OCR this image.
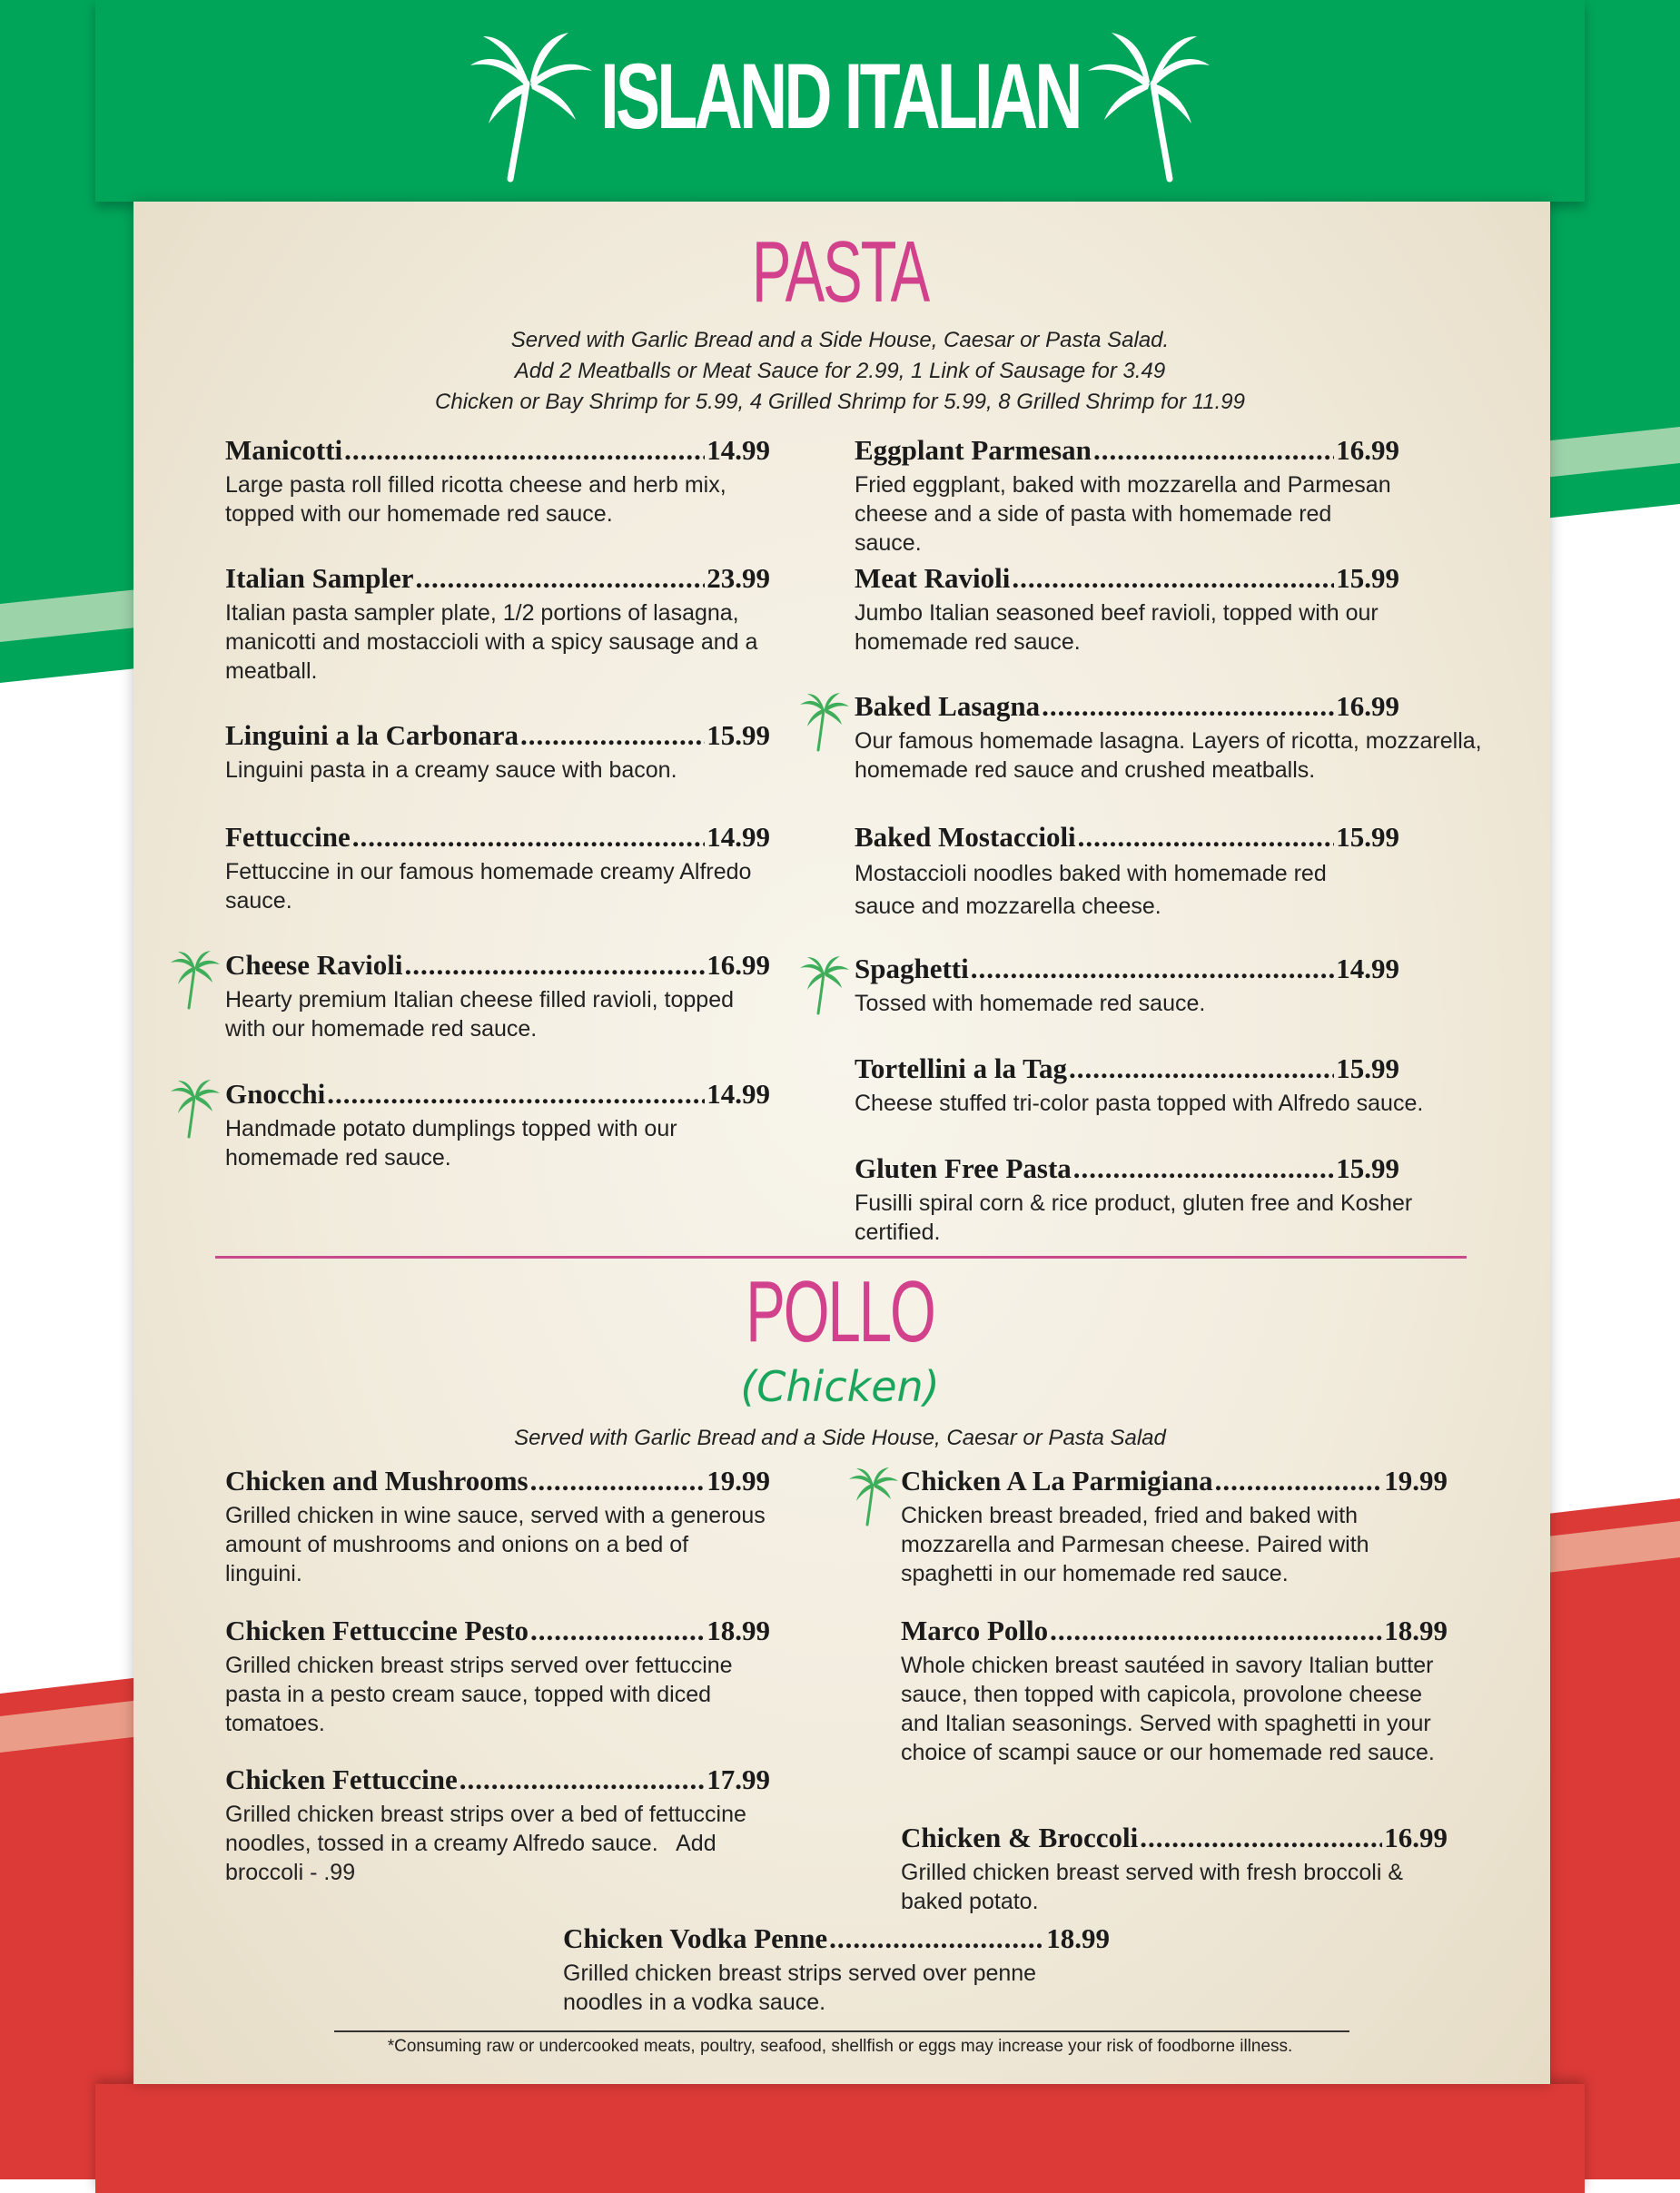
ISLAND ITALIAN
PASTA
Served with Garlic Bread and a Side House, Caesar or Pasta Salad.
Add 2 Meatballs or Meat Sauce for 2.99, 1 Link of Sausage for 3.49
Chicken or Bay Shrimp for 5.99, 4 Grilled Shrimp for 5.99, 8 Grilled Shrimp for 11.99
Manicotti .....	14.99
Large pasta roll filled ricotta cheese and herb mix, topped with our homemade red sauce.
Italian Sampler .....	23.99
Italian pasta sampler plate, 1/2 portions of lasagna, manicotti and mostaccioli with a spicy sausage and a meatball.
Linguini a la Carbonara .....	15.99
Linguini pasta in a creamy sauce with bacon.
Fettuccine .....	14.99
Fettuccine in our famous homemade creamy Alfredo sauce.
Cheese Ravioli .....	16.99
Hearty premium Italian cheese filled ravioli, topped with our homemade red sauce.
Gnocchi .....	14.99
Handmade potato dumplings topped with our homemade red sauce.
Eggplant Parmesan .....	16.99
Fried eggplant, baked with mozzarella and Parmesan cheese and a side of pasta with homemade red sauce.
Meat Ravioli .....	15.99
Jumbo Italian seasoned beef ravioli, topped with our homemade red sauce.
Baked Lasagna .....	16.99
Our famous homemade lasagna. Layers of ricotta, mozzarella, homemade red sauce and crushed meatballs.
Baked Mostaccioli .....	15.99
Mostaccioli noodles baked with homemade red sauce and mozzarella cheese.
Spaghetti .....	14.99
Tossed with homemade red sauce.
Tortellini a la Tag .....	15.99
Cheese stuffed tri-color pasta topped with Alfredo sauce.
Gluten Free Pasta .....	15.99
Fusilli spiral corn & rice product, gluten free and Kosher certified.
POLLO
(Chicken)
Served with Garlic Bread and a Side House, Caesar or Pasta Salad
Chicken and Mushrooms .....	19.99
Grilled chicken in wine sauce, served with a generous amount of mushrooms and onions on a bed of linguini.
Chicken Fettuccine Pesto .....	18.99
Grilled chicken breast strips served over fettuccine pasta in a pesto cream sauce, topped with diced tomatoes.
Chicken Fettuccine .....	17.99
Grilled chicken breast strips over a bed of fettuccine noodles, tossed in a creamy Alfredo sauce.   Add broccoli - .99
Chicken A La Parmigiana .....	19.99
Chicken breast breaded, fried and baked with mozzarella and Parmesan cheese. Paired with spaghetti in our homemade red sauce.
Marco Pollo .....	18.99
Whole chicken breast sautéed in savory Italian butter sauce, then topped with capicola, provolone cheese and Italian seasonings. Served with spaghetti in your choice of scampi sauce or our homemade red sauce.
Chicken & Broccoli .....	16.99
Grilled chicken breast served with fresh broccoli & baked potato.
Chicken Vodka Penne .....	18.99
Grilled chicken breast strips served over penne noodles in a vodka sauce.
*Consuming raw or undercooked meats, poultry, seafood, shellfish or eggs may increase your risk of foodborne illness.
